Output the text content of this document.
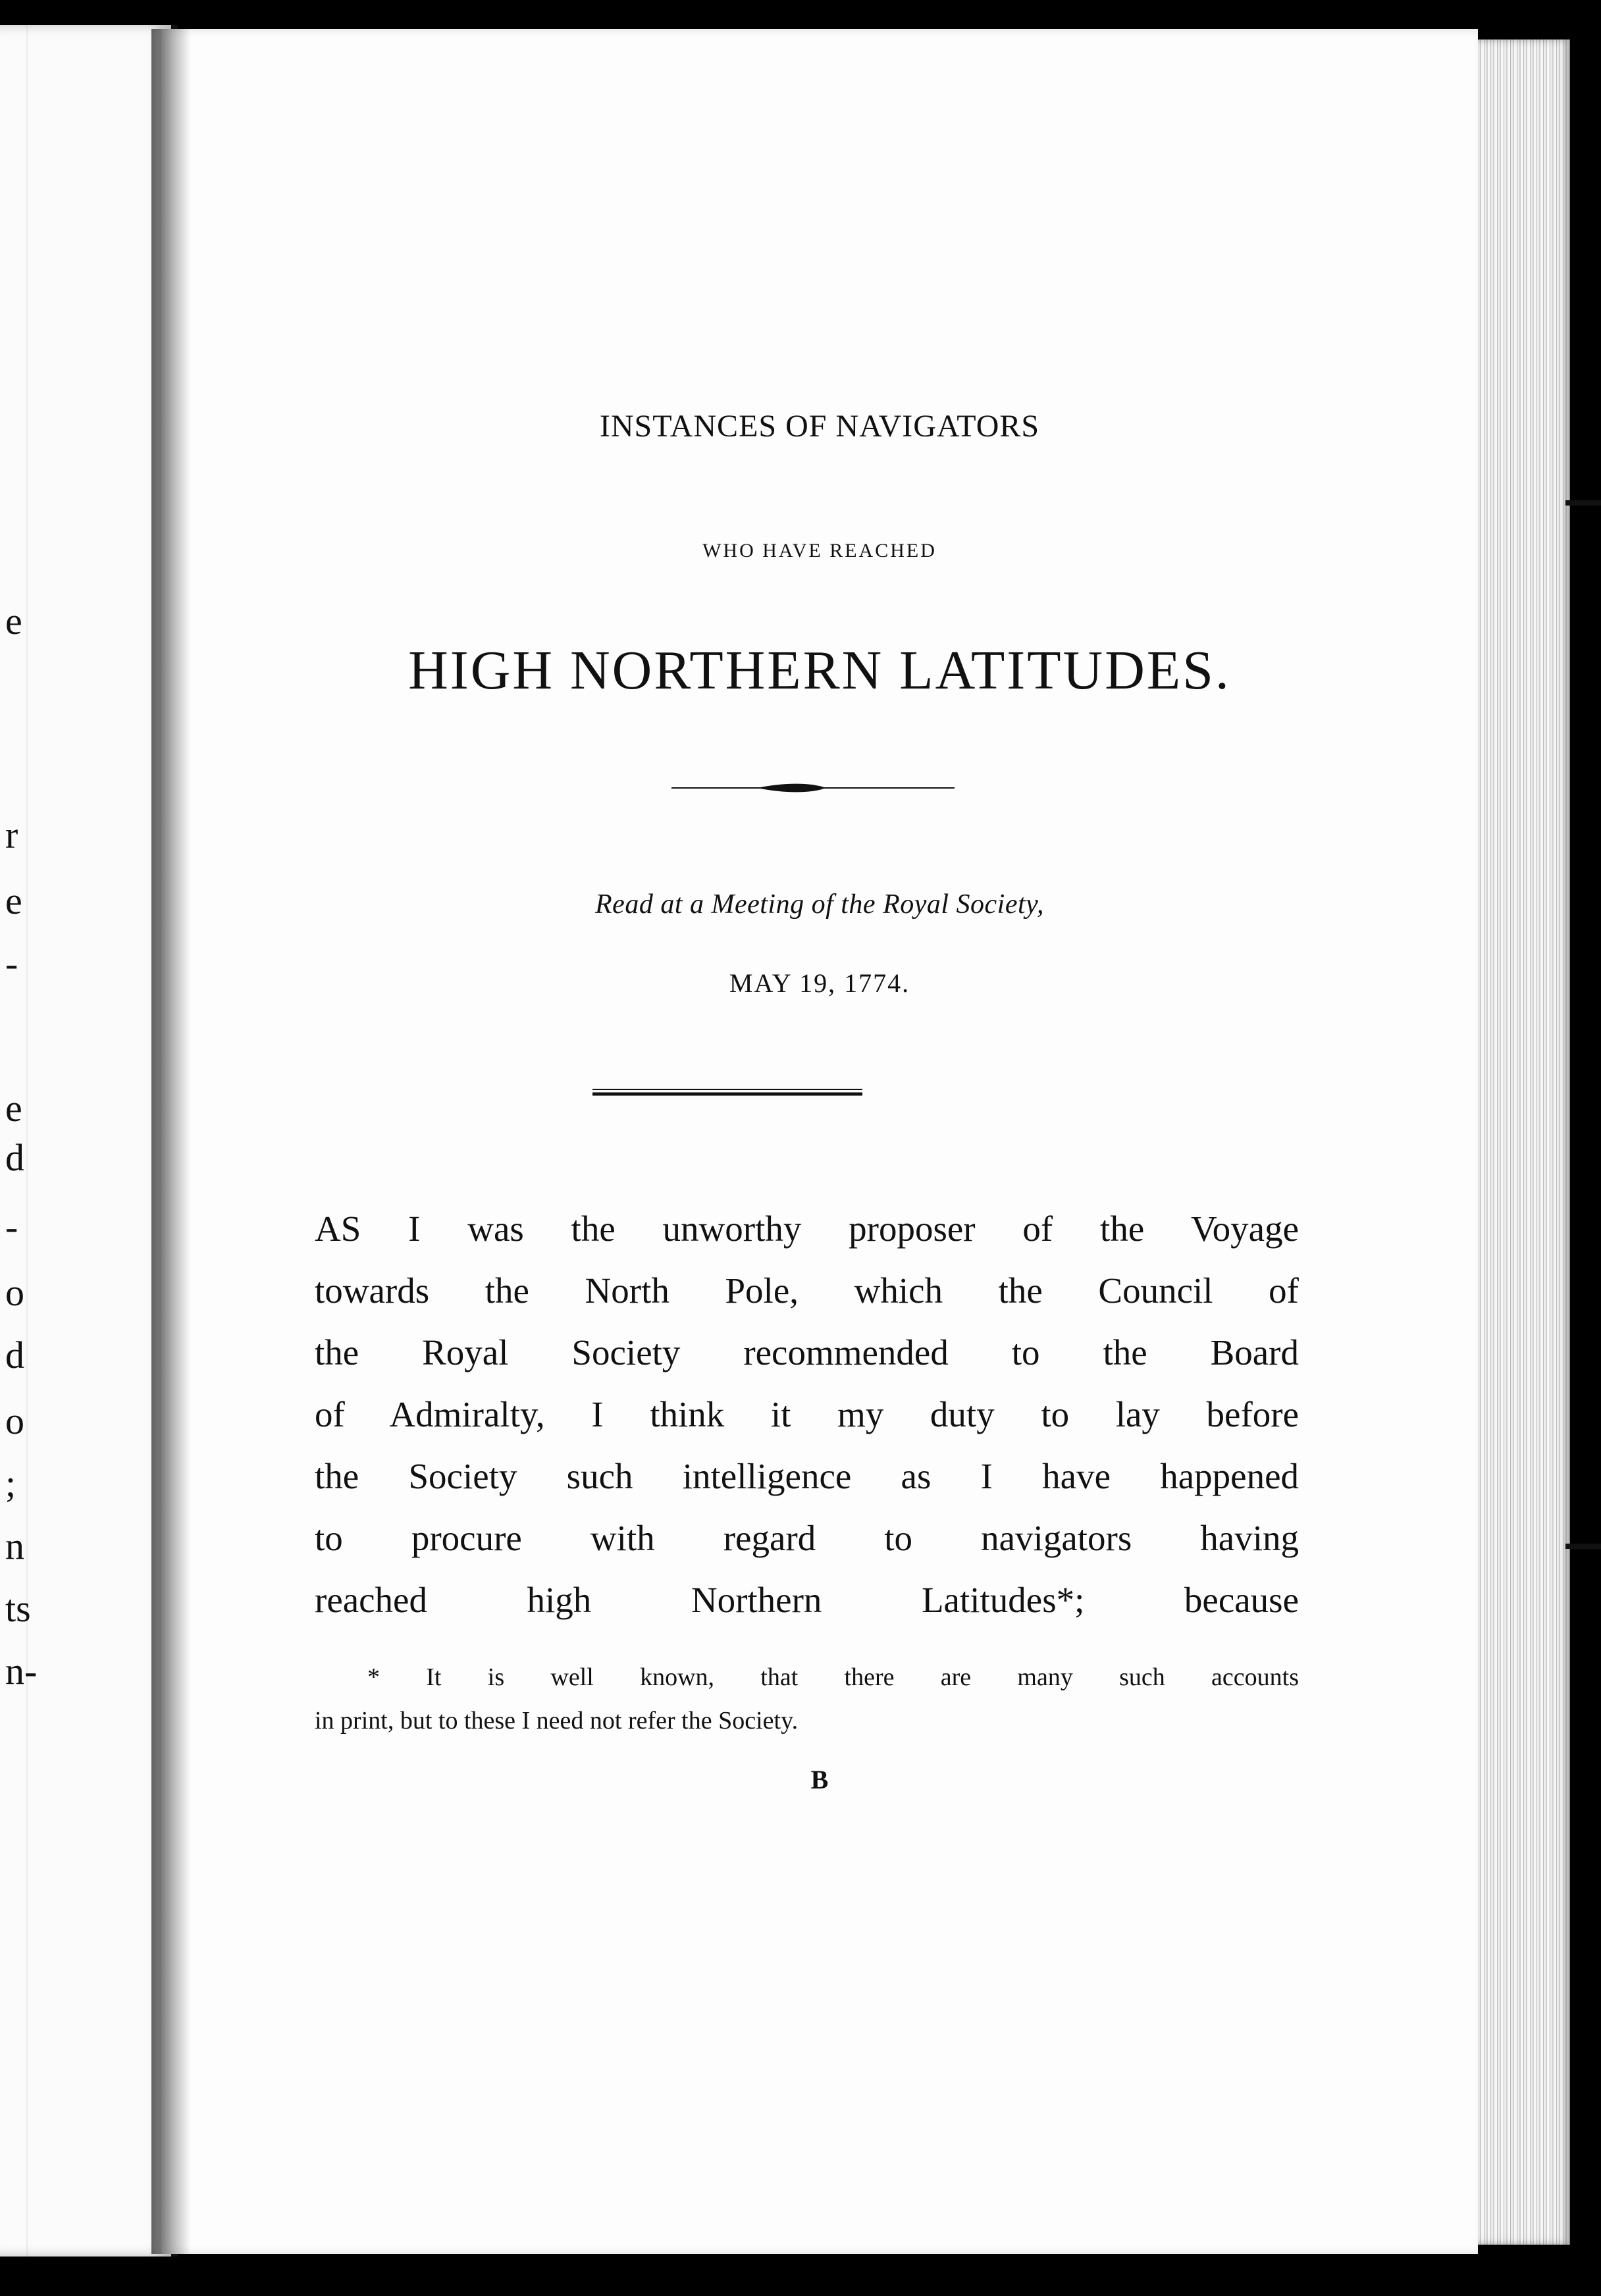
e
r
e
-
e
d
-
o
d
o
;
n
ts
n-
INSTANCES OF NAVIGATORS
WHO HAVE REACHED
HIGH NORTHERN LATITUDES.
Read at a Meeting of the Royal Society,
MAY 19, 1774.
AS I was the unworthy proposer of the Voyage
towards the North Pole, which the Council of
the Royal Society recommended to the Board
of Admiralty, I think it my duty to lay before
the Society such intelligence as I have happened
to procure with regard to navigators having
reached high Northern Latitudes*; because
* It is well known, that there are many such accounts
in print, but to these I need not refer the Society.
B
